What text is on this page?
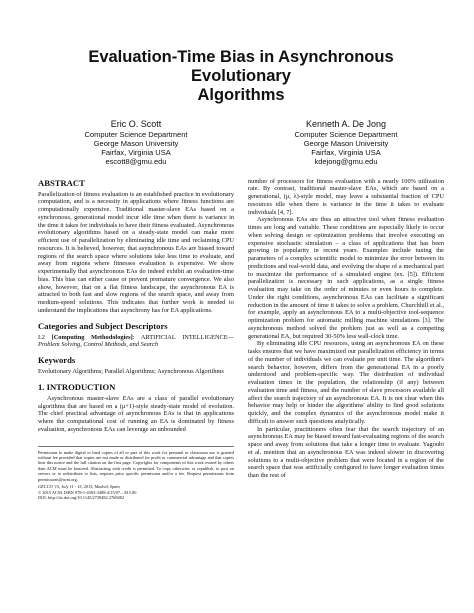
Evaluation-Time Bias in Asynchronous Evolutionary
Algorithms
Eric O. Scott
Computer Science Department
George Mason University
Fairfax, Virginia USA
escott8@gmu.edu
Kenneth A. De Jong
Computer Science Department
George Mason University
Fairfax, Virginia USA
kdejong@gmu.edu
ABSTRACT

Parallelization of fitness evaluation is an established practice in evolutionary computation, and is a necessity in applications where fitness functions are computationally expensive. Traditional master-slave EAs based on a synchronous, generational model incur idle time when there is variance in the time it takes for individuals to have their fitness evaluated. Asynchronous evolutionary algorithms based on a steady-state model can make more efficient use of parallelization by eliminating idle time and reclaiming CPU resources. It is believed, however, that asynchronous EAs are biased toward regions of the search space where solutions take less time to evaluate, and away from regions where fitnesses evaluation is expensive. We show experimentally that asynchronous EAs do indeed exhibit an evaluation-time bias. This bias can either cause or prevent premature convergence. We also show, however, that on a flat fitness landscape, the asynchronous EA is attracted to both fast and slow regions of the search space, and away from medium-speed solutions. This indicates that further work is needed to understand the implications that asynchrony has for EA applications.

Categories and Subject Descriptors

I.2 [Computing Methodologies]: ARTIFICIAL INTELLIGENCE—Problem Solving, Control Methods, and Search

Keywords

Evolutionary Algorithms; Parallel Algorithms; Asynchronous Algorithms

1. INTRODUCTION

Asynchronous master-slave EAs are a class of parallel evolutionary algorithms that are based on a (μ+1)-style steady-state model of evolution. The chief practical advantage of asynchronous EAs is that in applications where the computational cost of running an EA is dominated by fitness evaluation, asynchronous EAs can leverage an unbounded

Permission to make digital or hard copies of all or part of this work for personal or classroom use is granted without fee provided that copies are not made or distributed for profit or commercial advantage and that copies bear this notice and the full citation on the first page. Copyrights for components of this work owned by others than ACM must be honored. Abstracting with credit is permitted. To copy otherwise, or republish, to post on servers or to redistribute to lists, requires prior specific permission and/or a fee. Request permissions from permissions@acm.org.

GECCO '15, July 11 - 15, 2015, Madrid, Spain

© 2015 ACM. ISBN 978-1-4503-3488-4/15/07....$15.00

DOI: http://dx.doi.org/10.1145/2739482.2768482

number of processors for fitness evaluation with a nearly 100% utilization rate. By contrast, traditional master-slave EAs, which are based on a generational, (μ, λ)-style model, may leave a substantial fraction of CPU resources idle when there is variance in the time it takes to evaluate individuals [4, 7].

Asynchronous EAs are thus an attractive tool when fitness evaluation times are long and variable. These conditions are especially likely to occur when solving design or optimization problems that involve executing an expensive stochastic simulation – a class of applications that has been growing in popularity in recent years. Examples include tuning the parameters of a complex scientific model to minimize the error between its predictions and real-world data, and evolving the shape of a mechanical part to maximize the performance of a simulated engine (ex. [5]). Efficient parallelization is necessary in such applications, as a single fitness evaluation may take on the order of minutes or even hours to complete. Under the right conditions, asynchronous EAs can facilitate a significant reduction in the amount of time it takes to solve a problem. Churchhill et al., for example, apply an asynchronous EA to a multi-objective tool-sequence optimization problem for automatic milling machine simulations [3]. The asynchronous method solved the problem just as well as a competing generational EA, but required 30-50% less wall-clock time.

By eliminating idle CPU resources, using an asynchronous EA on these tasks ensures that we have maximized our parallelization efficiency in terms of the number of individuals we can evaluate per unit time. The algorithm's search behavior, however, differs from the generational EA in a poorly understood and problem-specific way. The distribution of individual evaluation times in the population, the relationship (if any) between evaluation time and fitness, and the number of slave processors available all affect the search trajectory of an asynchronous EA. It is not clear when this behavior may help or hinder the algorithms' ability to find good solutions quickly, and the complex dynamics of the asynchronous model make it difficult to answer such questions analytically.

In particular, practitioners often fear that the search trajectory of an asynchronous EA may be biased toward fast-evaluating regions of the search space and away from solutions that take a longer time to evaluate. Yagoubi et al. mention that an asynchronous EA was indeed slower in discovering solutions to a multi-objective problem that were located in a region of the search space that was artificially configured to have longer evaluation times than the rest of
